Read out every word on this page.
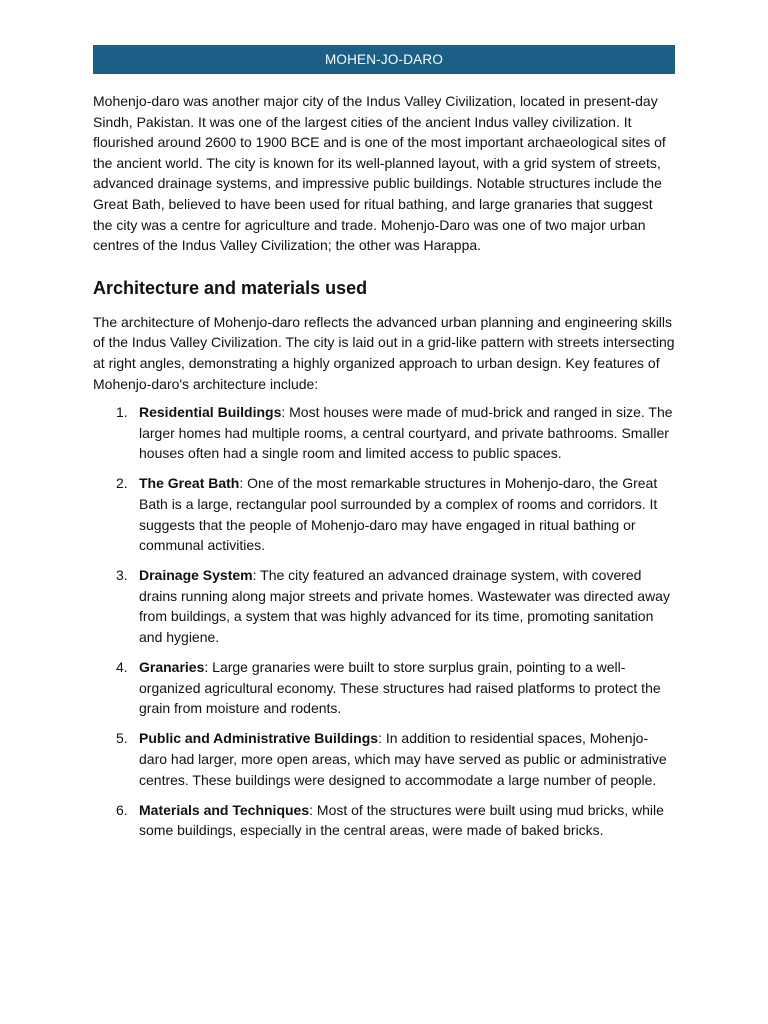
MOHEN-JO-DARO

Mohenjo-daro was another major city of the Indus Valley Civilization, located in present-day Sindh, Pakistan. It was one of the largest cities of the ancient Indus valley civilization. It flourished around 2600 to 1900 BCE and is one of the most important archaeological sites of the ancient world. The city is known for its well-planned layout, with a grid system of streets, advanced drainage systems, and impressive public buildings. Notable structures include the Great Bath, believed to have been used for ritual bathing, and large granaries that suggest the city was a centre for agriculture and trade. Mohenjo-Daro was one of two major urban centres of the Indus Valley Civilization; the other was Harappa.

Architecture and materials used

The architecture of Mohenjo-daro reflects the advanced urban planning and engineering skills of the Indus Valley Civilization. The city is laid out in a grid-like pattern with streets intersecting at right angles, demonstrating a highly organized approach to urban design. Key features of Mohenjo-daro's architecture include:

1. Residential Buildings: Most houses were made of mud-brick and ranged in size. The larger homes had multiple rooms, a central courtyard, and private bathrooms. Smaller houses often had a single room and limited access to public spaces.
2. The Great Bath: One of the most remarkable structures in Mohenjo-daro, the Great Bath is a large, rectangular pool surrounded by a complex of rooms and corridors. It suggests that the people of Mohenjo-daro may have engaged in ritual bathing or communal activities.
3. Drainage System: The city featured an advanced drainage system, with covered drains running along major streets and private homes. Wastewater was directed away from buildings, a system that was highly advanced for its time, promoting sanitation and hygiene.
4. Granaries: Large granaries were built to store surplus grain, pointing to a well-organized agricultural economy. These structures had raised platforms to protect the grain from moisture and rodents.
5. Public and Administrative Buildings: In addition to residential spaces, Mohenjo-daro had larger, more open areas, which may have served as public or administrative centres. These buildings were designed to accommodate a large number of people.
6. Materials and Techniques: Most of the structures were built using mud bricks, while some buildings, especially in the central areas, were made of baked bricks.
